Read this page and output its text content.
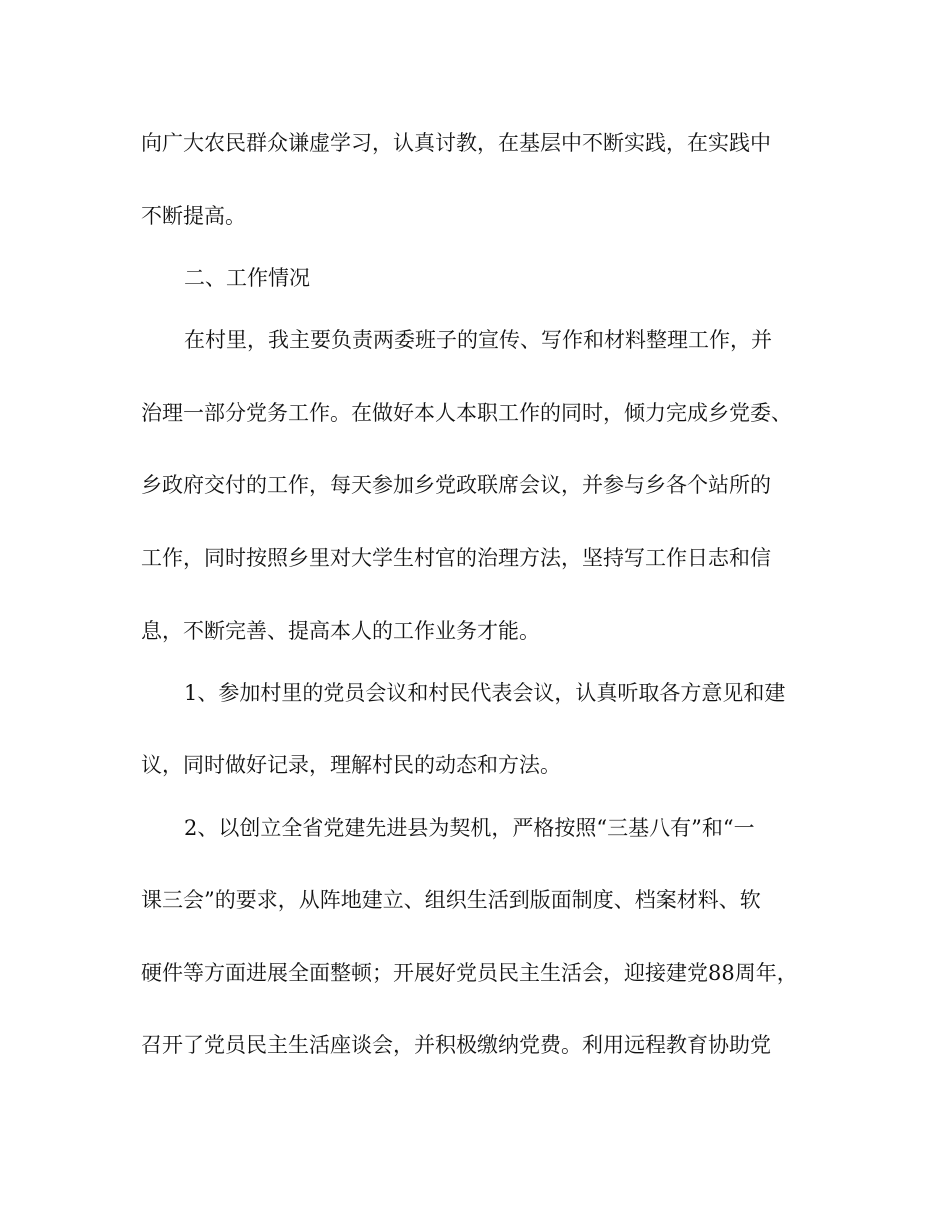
向广大农民群众谦虚学习，认真讨教，在基层中不断实践，在实践中
不断提高。
二、工作情况
在村里，我主要负责两委班子的宣传、写作和材料整理工作，并
治理一部分党务工作。在做好本人本职工作的同时，倾力完成乡党委、
乡政府交付的工作，每天参加乡党政联席会议，并参与乡各个站所的
工作，同时按照乡里对大学生村官的治理方法，坚持写工作日志和信
息，不断完善、提高本人的工作业务才能。
1、参加村里的党员会议和村民代表会议，认真听取各方意见和建
议，同时做好记录，理解村民的动态和方法。
2、以创立全省党建先进县为契机，严格按照“三基八有”和“一
课三会”的要求，从阵地建立、组织生活到版面制度、档案材料、软
硬件等方面进展全面整顿；开展好党员民主生活会，迎接建党88周年，
召开了党员民主生活座谈会，并积极缴纳党费。利用远程教育协助党
